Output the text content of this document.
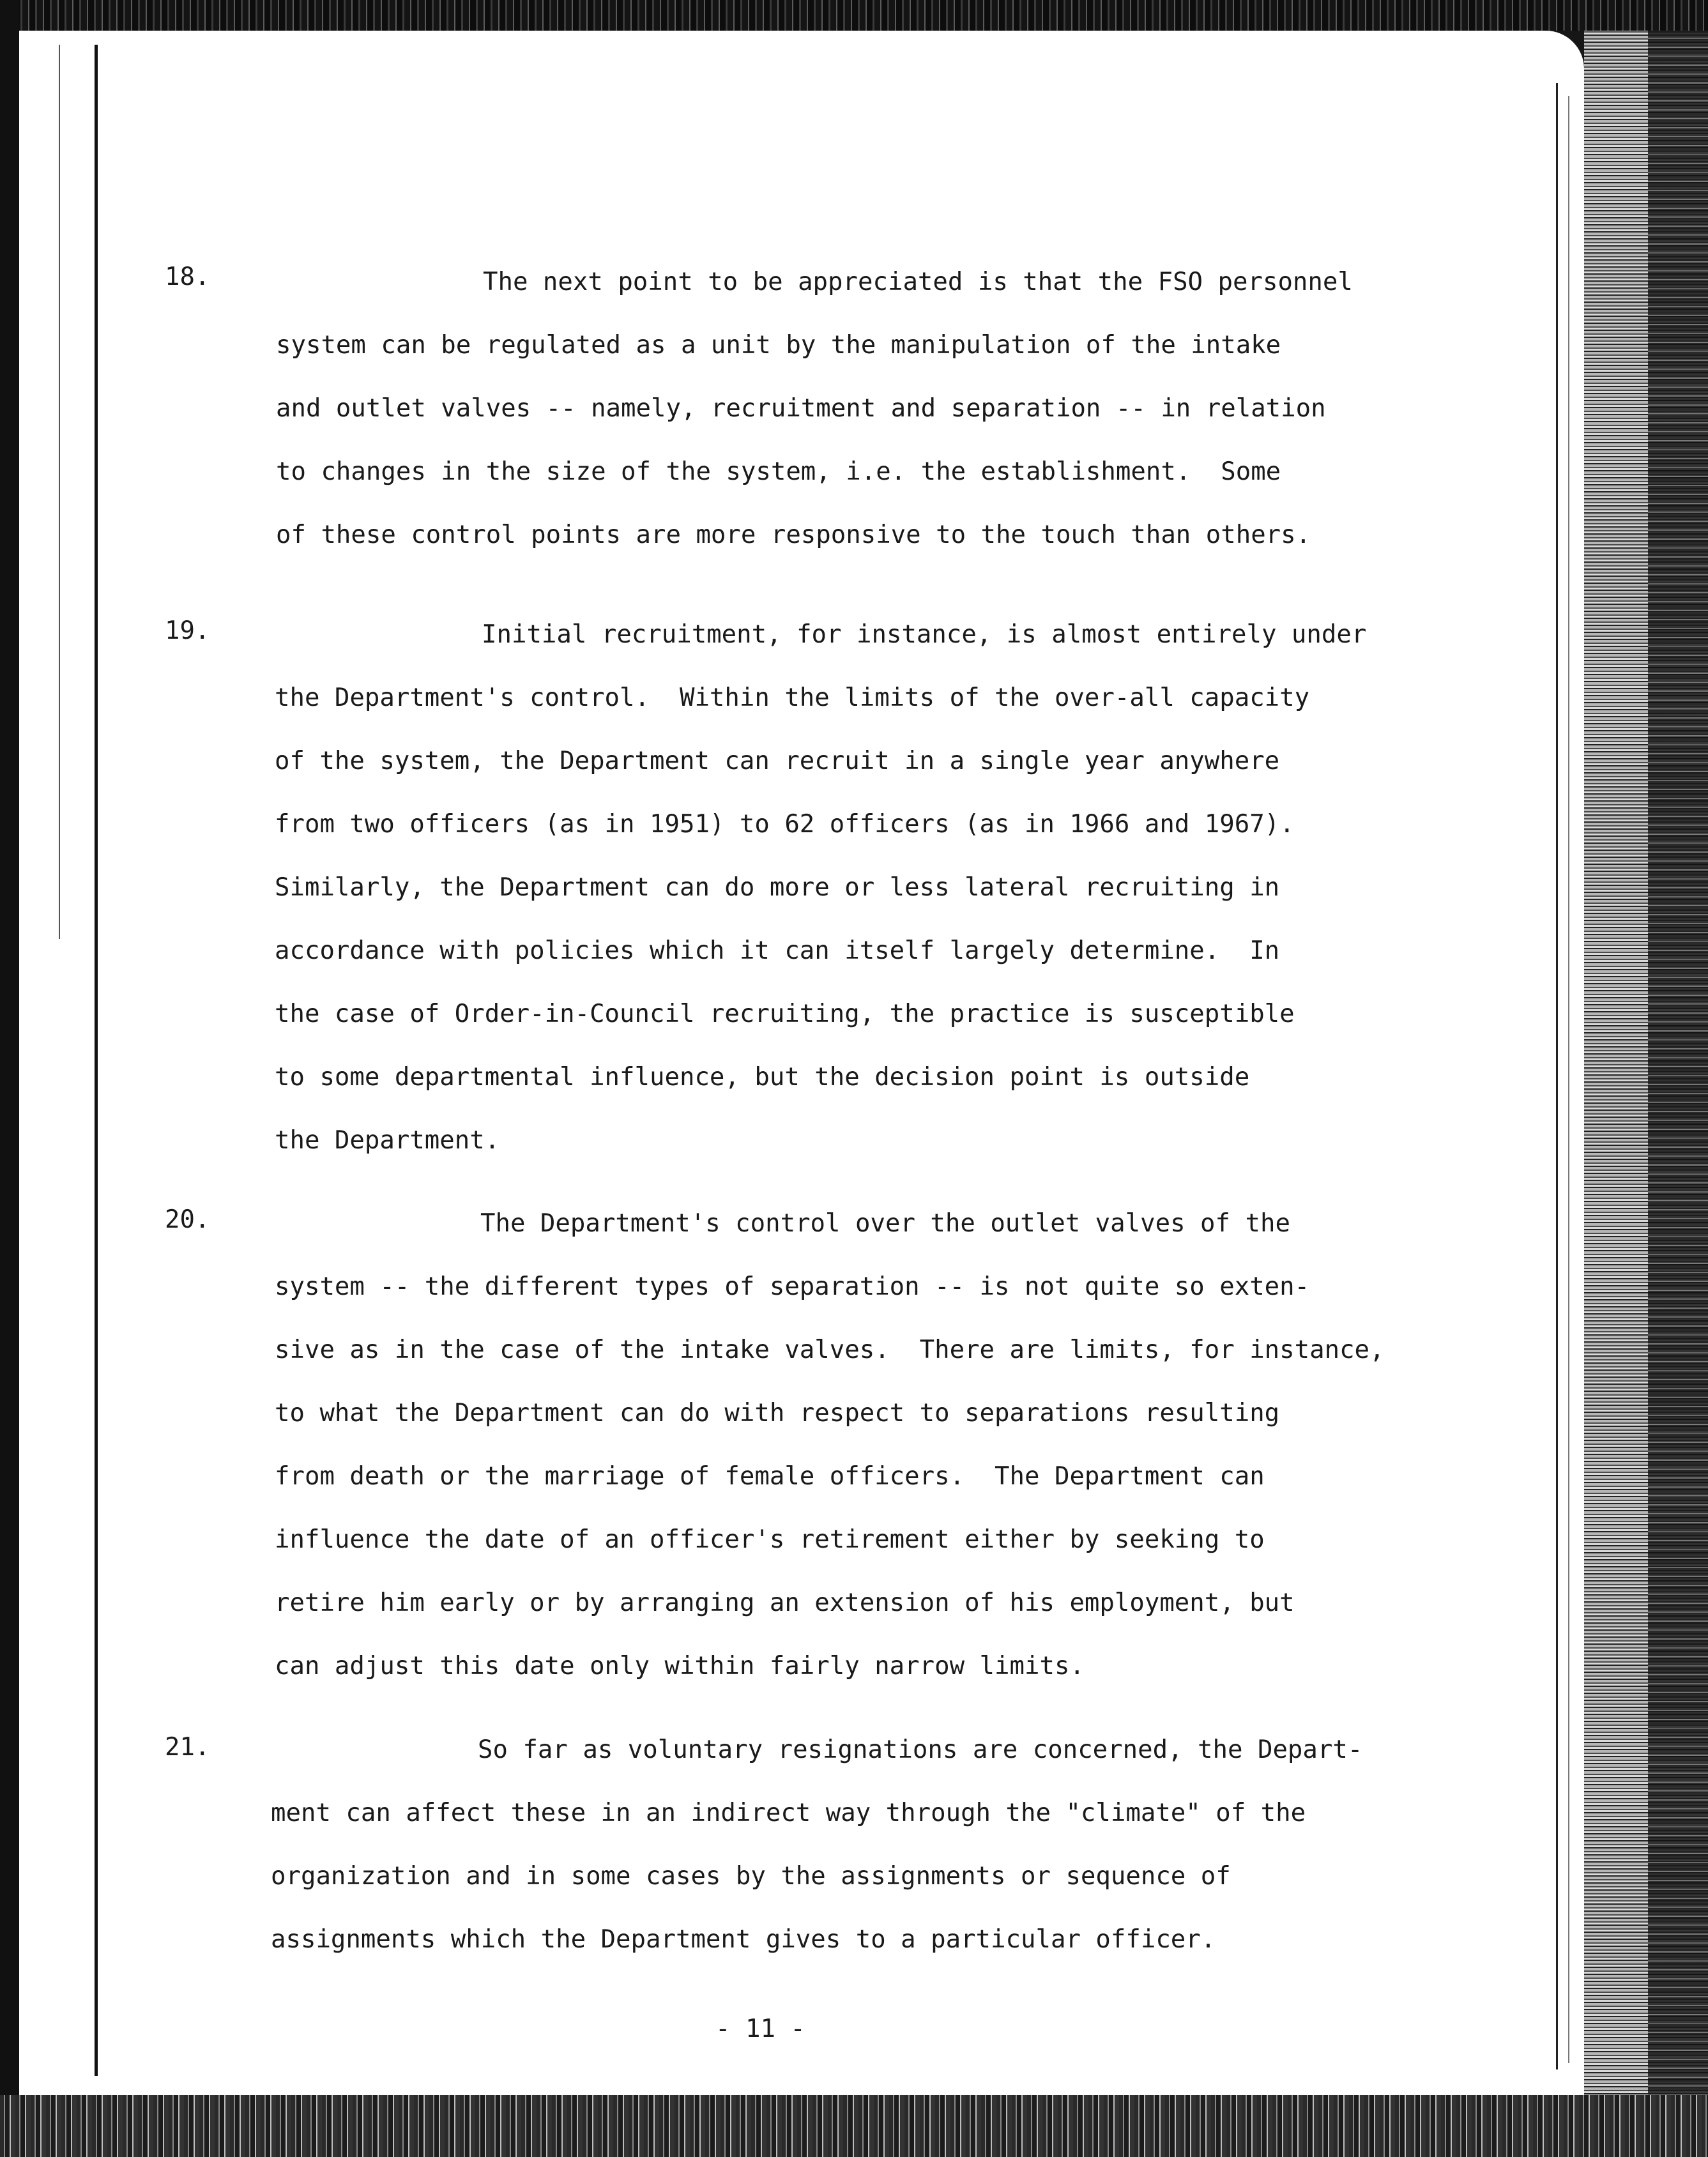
18.	The next point to be appreciated is that the FSO personnel
system can be regulated as a unit by the manipulation of the intake
and outlet valves -- namely, recruitment and separation -- in relation
to changes in the size of the system, i.e. the establishment.  Some
of these control points are more responsive to the touch than others.
19.	Initial recruitment, for instance, is almost entirely under
the Department's control.  Within the limits of the over-all capacity
of the system, the Department can recruit in a single year anywhere
from two officers (as in 1951) to 62 officers (as in 1966 and 1967).
Similarly, the Department can do more or less lateral recruiting in
accordance with policies which it can itself largely determine.  In
the case of Order-in-Council recruiting, the practice is susceptible
to some departmental influence, but the decision point is outside
the Department.
20.	The Department's control over the outlet valves of the
system -- the different types of separation -- is not quite so exten-
sive as in the case of the intake valves.  There are limits, for instance,
to what the Department can do with respect to separations resulting
from death or the marriage of female officers.  The Department can
influence the date of an officer's retirement either by seeking to
retire him early or by arranging an extension of his employment, but
can adjust this date only within fairly narrow limits.
21.	So far as voluntary resignations are concerned, the Depart-
ment can affect these in an indirect way through the "climate" of the
organization and in some cases by the assignments or sequence of
assignments which the Department gives to a particular officer.
- 11 -
